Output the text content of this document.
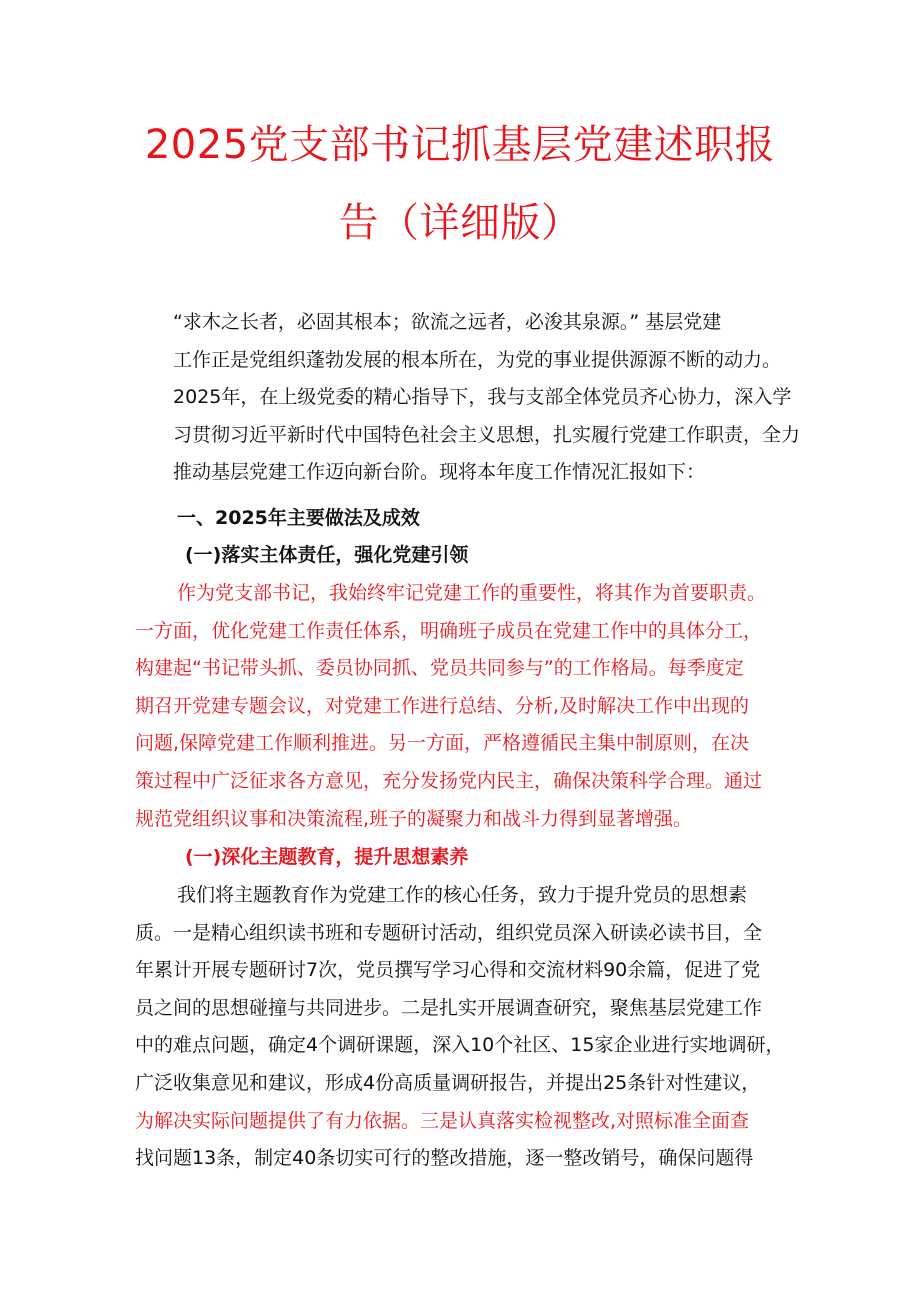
2025党支部书记抓基层党建述职报
告（详细版）

“求木之长者，必固其根本；欲流之远者，必浚其泉源。” 基层党建
工作正是党组织蓬勃发展的根本所在，为党的事业提供源源不断的动力。
2025年，在上级党委的精心指导下，我与支部全体党员齐心协力，深入学
习贯彻习近平新时代中国特色社会主义思想，扎实履行党建工作职责，全力
推动基层党建工作迈向新台阶。现将本年度工作情况汇报如下：

一、2025年主要做法及成效
(一)落实主体责任，强化党建引领

作为党支部书记，我始终牢记党建工作的重要性，将其作为首要职责。
一方面，优化党建工作责任体系，明确班子成员在党建工作中的具体分工，
构建起“书记带头抓、委员协同抓、党员共同参与”的工作格局。每季度定
期召开党建专题会议，对党建工作进行总结、分析,及时解决工作中出现的
问题,保障党建工作顺利推进。另一方面，严格遵循民主集中制原则，在决
策过程中广泛征求各方意见，充分发扬党内民主，确保决策科学合理。通过
规范党组织议事和决策流程,班子的凝聚力和战斗力得到显著增强。

(一)深化主题教育，提升思想素养

我们将主题教育作为党建工作的核心任务，致力于提升党员的思想素
质。一是精心组织读书班和专题研讨活动，组织党员深入研读必读书目，全
年累计开展专题研讨7次，党员撰写学习心得和交流材料90余篇，促进了党
员之间的思想碰撞与共同进步。二是扎实开展调查研究，聚焦基层党建工作
中的难点问题，确定4个调研课题，深入10个社区、15家企业进行实地调研，
广泛收集意见和建议，形成4份高质量调研报告，并提出25条针对性建议，
为解决实际问题提供了有力依据。三是认真落实检视整改,对照标准全面查
找问题13条，制定40条切实可行的整改措施，逐一整改销号，确保问题得
